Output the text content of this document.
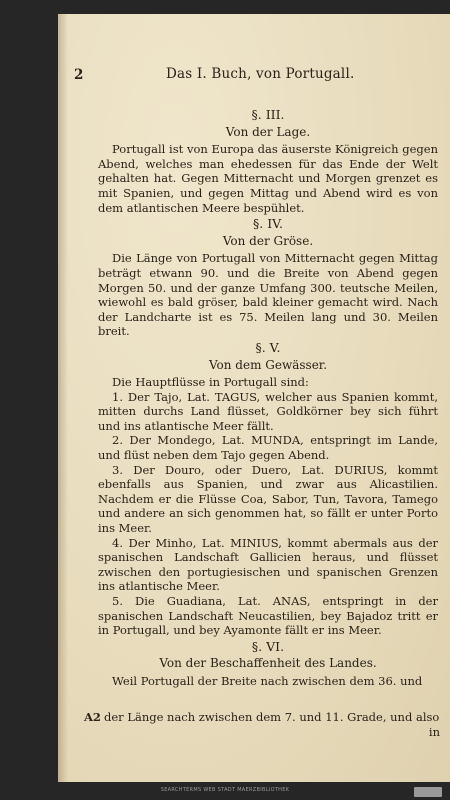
2	Das I. Buch, von Portugall.

§. III.

Von der Lage.

Portugall ist von Europa das äuserste Königreich gegen Abend, welches man ehedessen für das Ende der Welt gehalten hat. Gegen Mitternacht und Morgen grenzet es mit Spanien, und gegen Mittag und Abend wird es von dem atlantischen Meere bespühlet.

§. IV.

Von der Gröse.

Die Länge von Portugall von Mitternacht gegen Mittag beträgt etwann 90. und die Breite von Abend gegen Morgen 50. und der ganze Umfang 300. teutsche Meilen, wiewohl es bald gröser, bald kleiner gemacht wird. Nach der Landcharte ist es 75. Meilen lang und 30. Meilen breit.

§. V.

Von dem Gewässer.

Die Hauptflüsse in Portugall sind:

1. Der Tajo, Lat. TAGUS, welcher aus Spanien kommt, mitten durchs Land flüsset, Goldkörner bey sich führt und ins atlantische Meer fällt.

2. Der Mondego, Lat. MUNDA, entspringt im Lande, und flüst neben dem Tajo gegen Abend.

3. Der Douro, oder Duero, Lat. DURIUS, kommt ebenfalls aus Spanien, und zwar aus Alicastilien. Nachdem er die Flüsse Coa, Sabor, Tun, Tavora, Tamego und andere an sich genommen hat, so fällt er unter Porto ins Meer.

4. Der Minho, Lat. MINIUS, kommt abermals aus der spanischen Landschaft Gallicien heraus, und flüsset zwischen den portugiesischen und spanischen Grenzen ins atlantische Meer.

5. Die Guadiana, Lat. ANAS, entspringt in der spanischen Landschaft Neucastilien, bey Bajadoz tritt er in Portugall, und bey Ayamonte fällt er ins Meer.

§. VI.

Von der Beschaffenheit des Landes.

Weil Portugall der Breite nach zwischen dem 36. und

A2 der Länge nach zwischen dem 7. und 11. Grade, und also
in
SEARCHTERMS WEB STADT MAERZBIBLIOTHEK
